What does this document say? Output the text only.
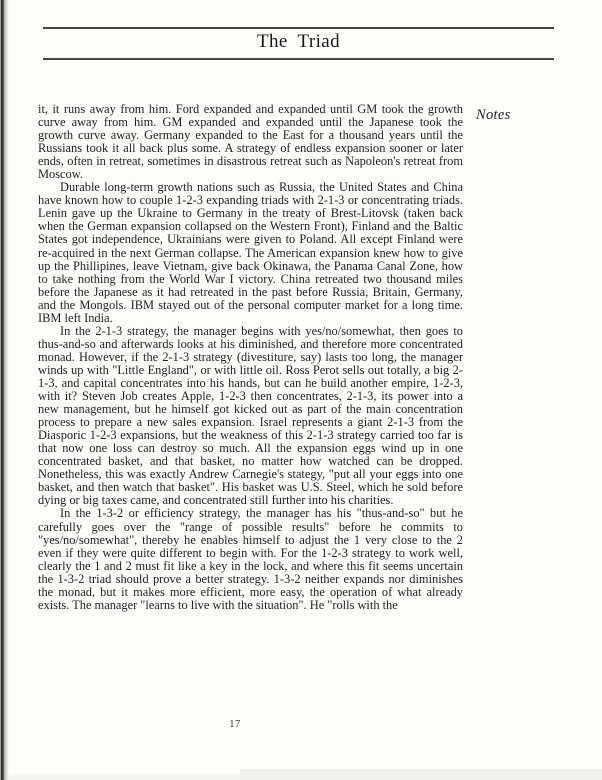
The Triad
Notes

it, it runs away from him. Ford expanded and expanded until GM took the growth curve away from him. GM expanded and expanded until the Japanese took the growth curve away. Germany expanded to the East for a thousand years until the Russians took it all back plus some. A strategy of endless expansion sooner or later ends, often in retreat, sometimes in disastrous retreat such as Napoleon's retreat from Moscow.

Durable long-term growth nations such as Russia, the United States and China have known how to couple 1-2-3 expanding triads with 2-1-3 or concentrating triads. Lenin gave up the Ukraine to Germany in the treaty of Brest-Litovsk (taken back when the German expansion collapsed on the Western Front), Finland and the Baltic States got independence, Ukrainians were given to Poland. All except Finland were re-acquired in the next German collapse. The American expansion knew how to give up the Phillipines, leave Vietnam, give back Okinawa, the Panama Canal Zone, how to take nothing from the World War I victory. China retreated two thousand miles before the Japanese as it had retreated in the past before Russia, Britain, Germany, and the Mongols. IBM stayed out of the personal computer market for a long time. IBM left India.

In the 2-1-3 strategy, the manager begins with yes/no/somewhat, then goes to thus-and-so and afterwards looks at his diminished, and therefore more concentrated monad. However, if the 2-1-3 strategy (divestiture, say) lasts too long, the manager winds up with "Little England", or with little oil. Ross Perot sells out totally, a big 2-1-3, and capital concentrates into his hands, but can he build another empire, 1-2-3, with it? Steven Job creates Apple, 1-2-3 then concentrates, 2-1-3, its power into a new management, but he himself got kicked out as part of the main concentration process to prepare a new sales expansion. Israel represents a giant 2-1-3 from the Diasporic 1-2-3 expansions, but the weakness of this 2-1-3 strategy carried too far is that now one loss can destroy so much. All the expansion eggs wind up in one concentrated basket, and that basket, no matter how watched can be dropped. Nonetheless, this was exactly Andrew Carnegie's stategy, "put all your eggs into one basket, and then watch that basket". His basket was U.S. Steel, which he sold before dying or big taxes came, and concentrated still further into his charities.

In the 1-3-2 or efficiency strategy, the manager has his "thus-and-so" but he carefully goes over the "range of possible results" before he commits to "yes/no/somewhat", thereby he enables himself to adjust the 1 very close to the 2 even if they were quite different to begin with. For the 1-2-3 strategy to work well, clearly the 1 and 2 must fit like a key in the lock, and where this fit seems uncertain the 1-3-2 triad should prove a better strategy. 1-3-2 neither expands nor diminishes the monad, but it makes more efficient, more easy, the operation of what already exists. The manager "learns to live with the situation". He "rolls with the

17
